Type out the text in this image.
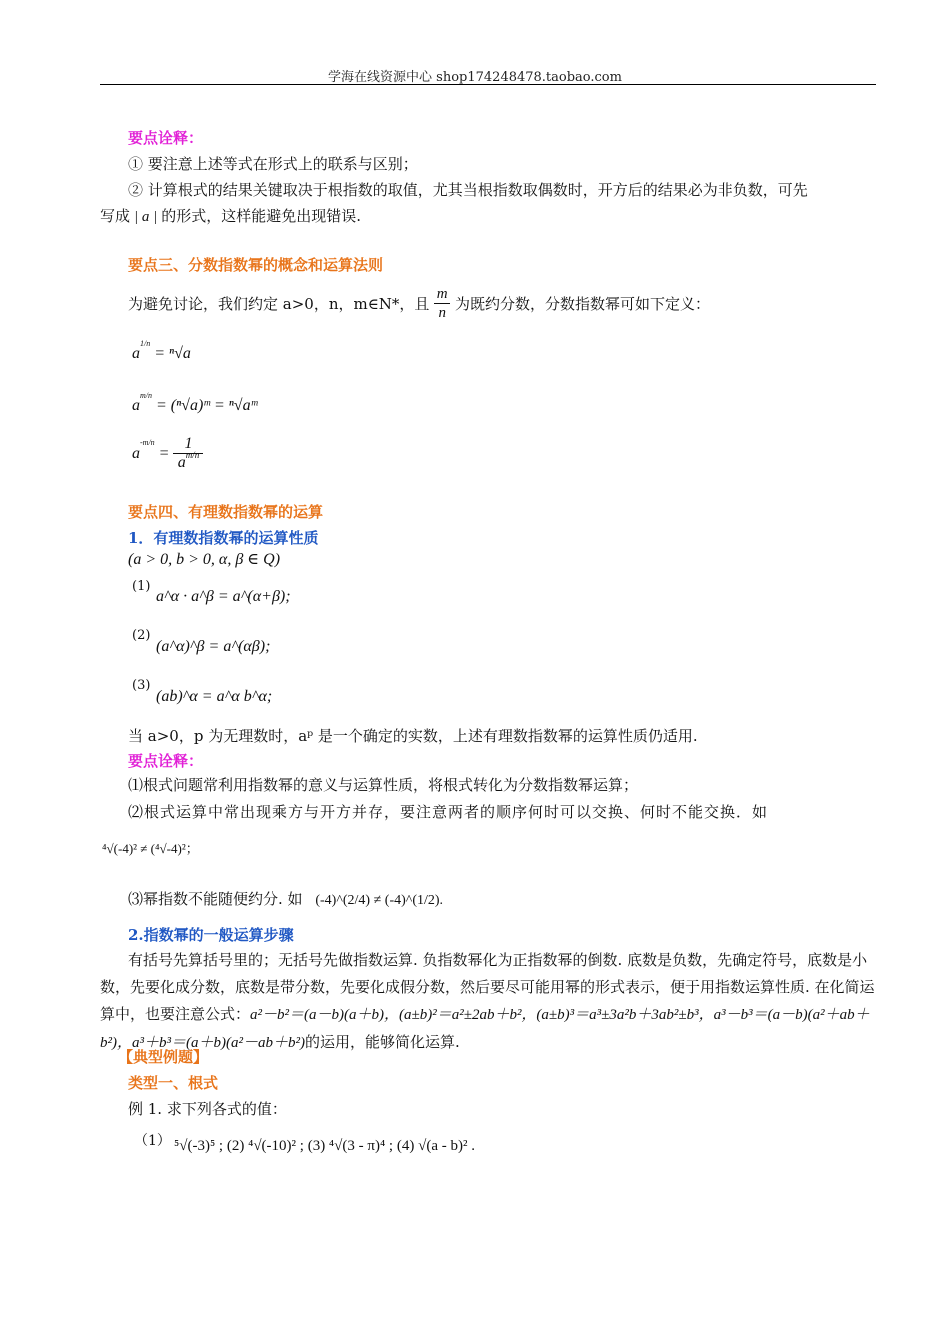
学海在线资源中心 shop174248478.taobao.com
要点诠释：
① 要注意上述等式在形式上的联系与区别；
② 计算根式的结果关键取决于根指数的取值，尤其当根指数取偶数时，开方后的结果必为非负数，可先
写成 | a | 的形式，这样能避免出现错误.
要点三、分数指数幂的概念和运算法则
为避免讨论，我们约定 a>0，n，m∈N*，且 $\frac{m}{n}$ 为既约分数，分数指数幂可如下定义：
$a^{1/n} = ^n√a$
$a^{m/n}$ = (ⁿ√a)ᵐ = ⁿ√aᵐ
$a^{-m/n} = \frac{1}{a^{m/n}}$
要点四、有理数指数幂的运算
1．有理数指数幂的运算性质
(a > 0, b > 0, α, β ∈ Q)
(1)
a^α · a^β = a^(α+β);
(2)
(a^α)^β = a^(αβ);
(3)
(ab)^α = a^α b^α;
当 a>0，p 为无理数时，aᵖ 是一个确定的实数，上述有理数指数幂的运算性质仍适用.
要点诠释：
⑴根式问题常利用指数幂的意义与运算性质，将根式转化为分数指数幂运算；
⑵根式运算中常出现乘方与开方并存，要注意两者的顺序何时可以交换、何时不能交换．如
⁴√(-4)² ≠ (⁴√-4)²；
⑶幂指数不能随便约分. 如 (-4)^(2/4) ≠ (-4)^(1/2).
2.指数幂的一般运算步骤
有括号先算括号里的；无括号先做指数运算. 负指数幂化为正指数幂的倒数. 底数是负数，先确定符号，底数是小数，先要化成分数，底数是带分数，先要化成假分数，然后要尽可能用幂的形式表示，便于用指数运算性质. 在化简运算中，也要注意公式：a²－b²＝(a－b)(a＋b)，(a±b)²＝a²±2ab＋b²，(a±b)³＝a³±3a²b＋3ab²±b³，a³－b³＝(a－b)(a²＋ab＋b²)，a³＋b³＝(a＋b)(a²－ab＋b²)的运用，能够简化运算.
【典型例题】
类型一、根式
例 1. 求下列各式的值：
（1） ⁵√(-3)⁵ ; (2) ⁴√(-10)² ; (3) ⁴√(3 - π)⁴ ; (4) √(a - b)² .
